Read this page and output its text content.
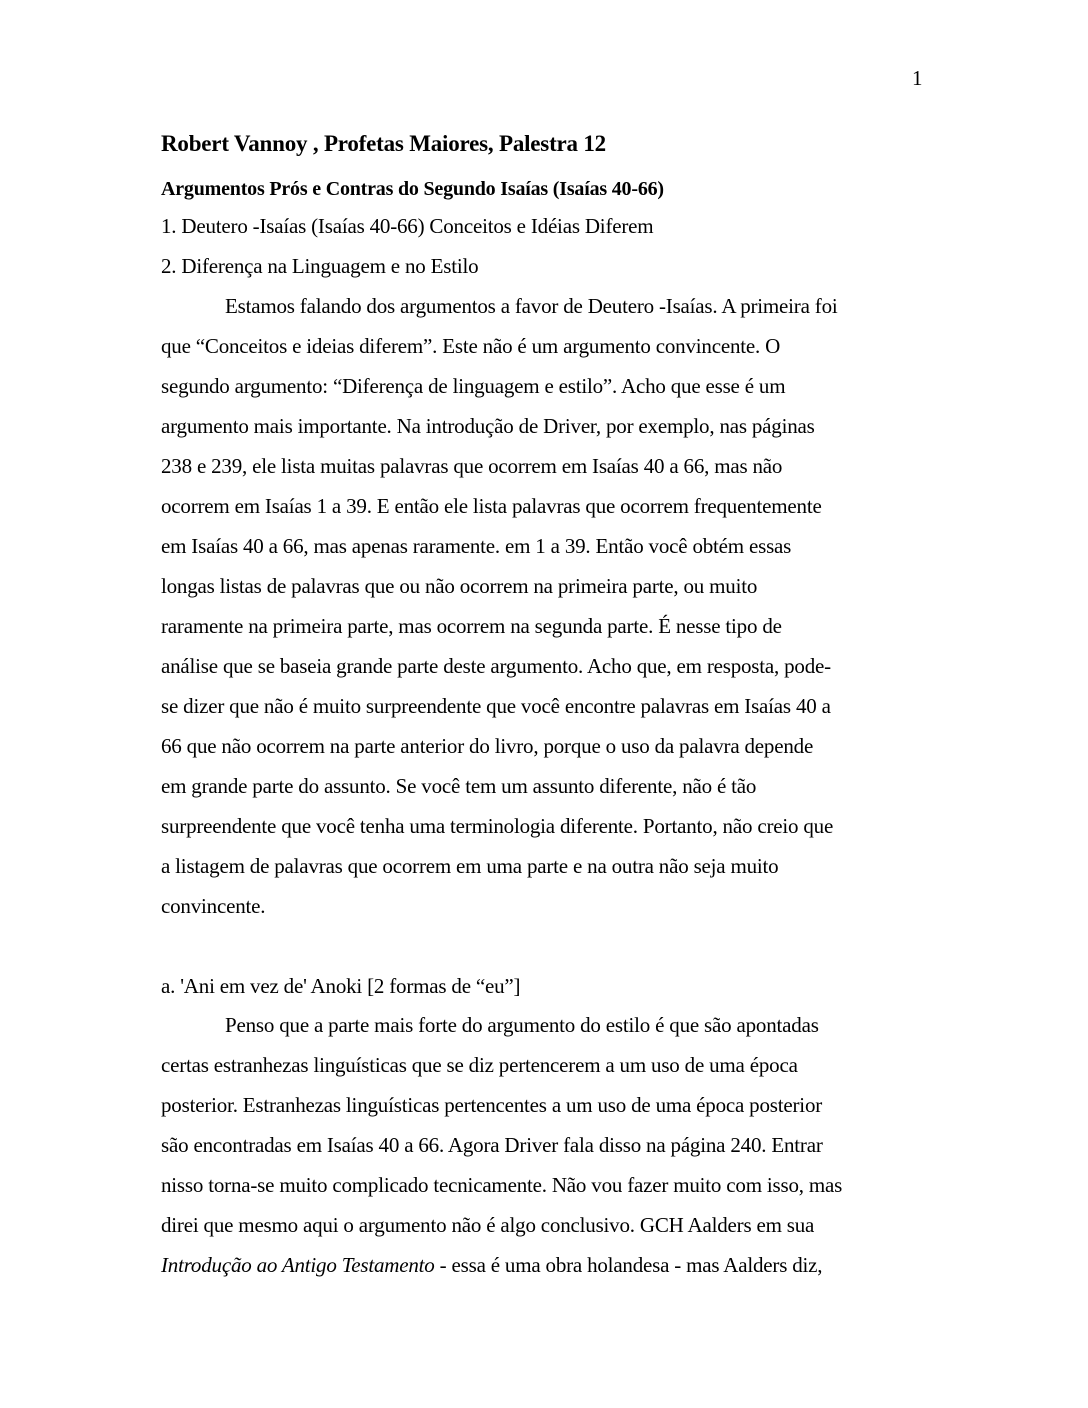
1
Robert Vannoy , Profetas Maiores, Palestra 12
Argumentos Prós e Contras do Segundo Isaías (Isaías 40-66)
1. Deutero -Isaías (Isaías 40-66) Conceitos e Idéias Diferem
2. Diferença na Linguagem e no Estilo
Estamos falando dos argumentos a favor de Deutero -Isaías. A primeira foi
que “Conceitos e ideias diferem”. Este não é um argumento convincente. O
segundo argumento: “Diferença de linguagem e estilo”. Acho que esse é um
argumento mais importante. Na introdução de Driver, por exemplo, nas páginas
238 e 239, ele lista muitas palavras que ocorrem em Isaías 40 a 66, mas não
ocorrem em Isaías 1 a 39. E então ele lista palavras que ocorrem frequentemente
em Isaías 40 a 66, mas apenas raramente. em 1 a 39. Então você obtém essas
longas listas de palavras que ou não ocorrem na primeira parte, ou muito
raramente na primeira parte, mas ocorrem na segunda parte. É nesse tipo de
análise que se baseia grande parte deste argumento. Acho que, em resposta, pode-
se dizer que não é muito surpreendente que você encontre palavras em Isaías 40 a
66 que não ocorrem na parte anterior do livro, porque o uso da palavra depende
em grande parte do assunto. Se você tem um assunto diferente, não é tão
surpreendente que você tenha uma terminologia diferente. Portanto, não creio que
a listagem de palavras que ocorrem em uma parte e na outra não seja muito
convincente.
a. 'Ani em vez de' Anoki [2 formas de “eu”]
Penso que a parte mais forte do argumento do estilo é que são apontadas
certas estranhezas linguísticas que se diz pertencerem a um uso de uma época
posterior. Estranhezas linguísticas pertencentes a um uso de uma época posterior
são encontradas em Isaías 40 a 66. Agora Driver fala disso na página 240. Entrar
nisso torna-se muito complicado tecnicamente. Não vou fazer muito com isso, mas
direi que mesmo aqui o argumento não é algo conclusivo. GCH Aalders em sua
Introdução ao Antigo Testamento - essa é uma obra holandesa - mas Aalders diz,
